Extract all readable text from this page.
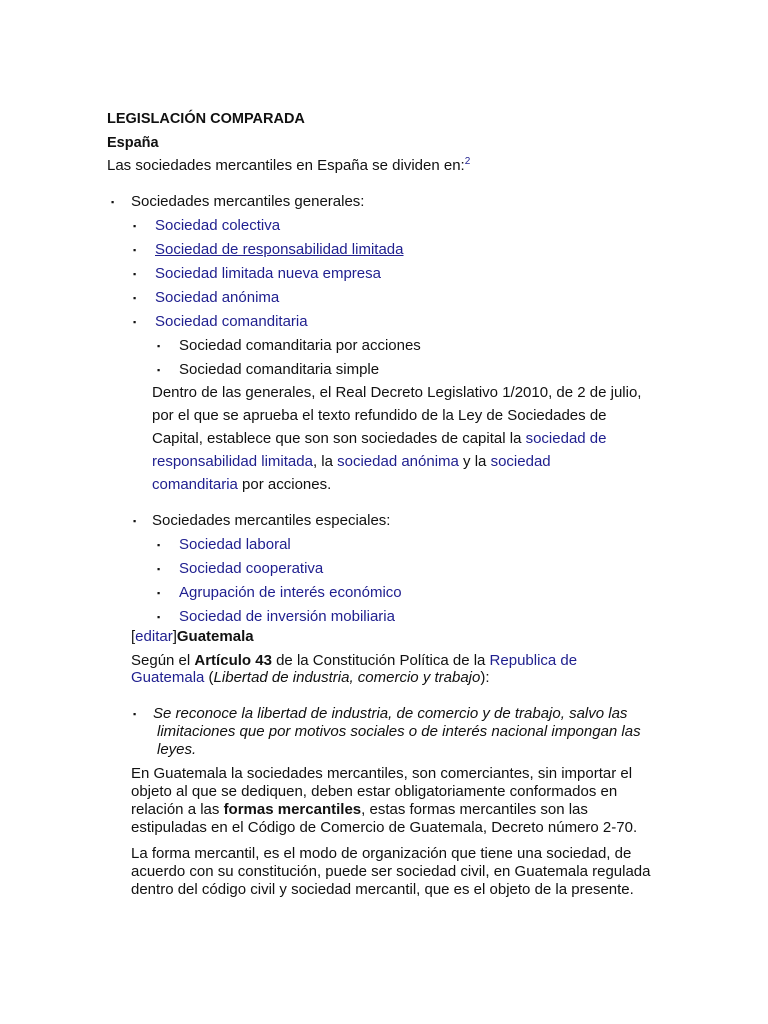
LEGISLACIÓN COMPARADA
España
Las sociedades mercantiles en España se dividen en:$^2$
▪ Sociedades mercantiles generales:
▪ Sociedad colectiva
▪ Sociedad de responsabilidad limitada
▪ Sociedad limitada nueva empresa
▪ Sociedad anónima
▪ Sociedad comanditaria
▪ Sociedad comanditaria por acciones
▪ Sociedad comanditaria simple
Dentro de las generales, el Real Decreto Legislativo 1/2010, de 2 de julio,
por el que se aprueba el texto refundido de la Ley de Sociedades de
Capital, establece que son son sociedades de capital la sociedad de
responsabilidad limitada, la sociedad anónima y la sociedad
comanditaria por acciones.
▪ Sociedades mercantiles especiales:
▪ Sociedad laboral
▪ Sociedad cooperativa
▪ Agrupación de interés económico
▪ Sociedad de inversión mobiliaria
[editar]Guatemala
Según el Artículo 43 de la Constitución Política de la Republica de
Guatemala (Libertad de industria, comercio y trabajo):
▪ Se reconoce la libertad de industria, de comercio y de trabajo, salvo las
limitaciones que por motivos sociales o de interés nacional impongan las
leyes.
En Guatemala la sociedades mercantiles, son comerciantes, sin importar el
objeto al que se dediquen, deben estar obligatoriamente conformados en
relación a las formas mercantiles, estas formas mercantiles son las
estipuladas en el Código de Comercio de Guatemala, Decreto número 2-70.
La forma mercantil, es el modo de organización que tiene una sociedad, de
acuerdo con su constitución, puede ser sociedad civil, en Guatemala regulada
dentro del código civil y sociedad mercantil, que es el objeto de la presente.
